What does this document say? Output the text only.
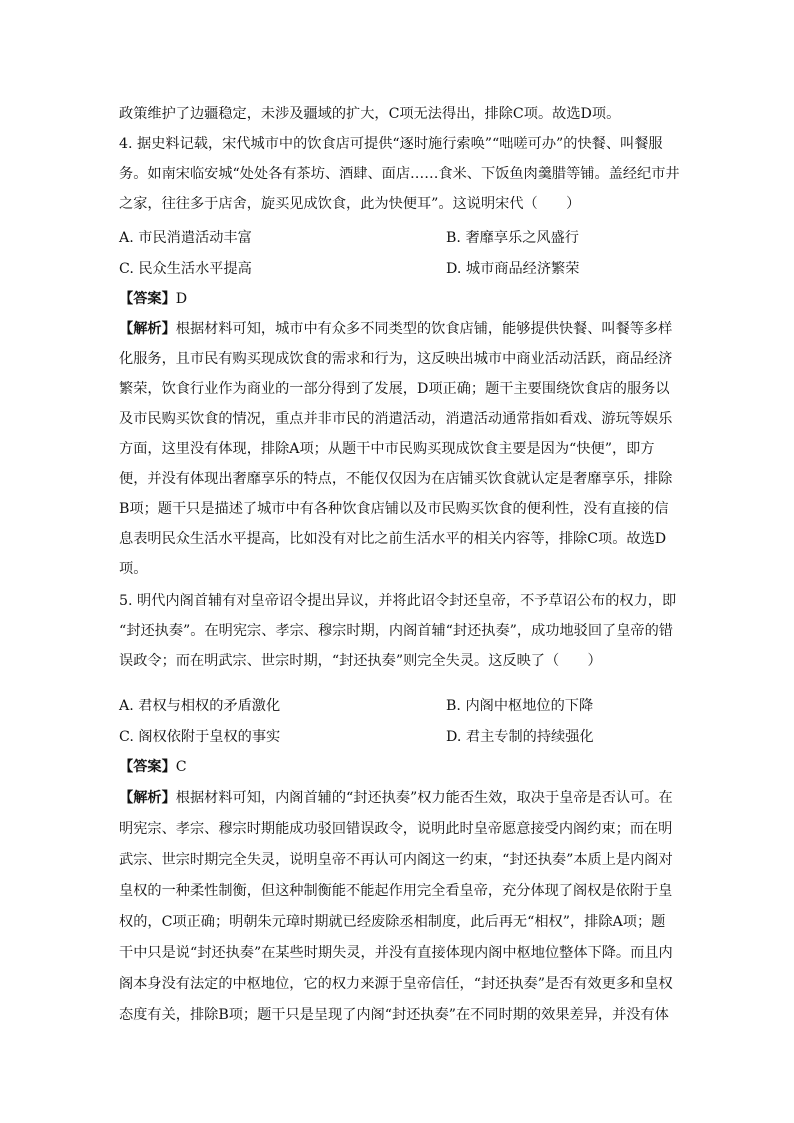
政策维护了边疆稳定，未涉及疆域的扩大，C项无法得出，排除C项。故选D项。
4. 据史料记载，宋代城市中的饮食店可提供“逐时施行索唤”“咄嗟可办”的快餐、叫餐服
务。如南宋临安城“处处各有茶坊、酒肆、面店……食米、下饭鱼肉羹腊等铺。盖经纪市井
之家，往往多于店舍，旋买见成饮食，此为快便耳”。这说明宋代（　　）
A. 市民消遣活动丰富	B. 奢靡享乐之风盛行
C. 民众生活水平提高	D. 城市商品经济繁荣
【答案】D
【解析】根据材料可知，城市中有众多不同类型的饮食店铺，能够提供快餐、叫餐等多样
化服务，且市民有购买现成饮食的需求和行为，这反映出城市中商业活动活跃，商品经济
繁荣，饮食行业作为商业的一部分得到了发展，D项正确；题干主要围绕饮食店的服务以
及市民购买饮食的情况，重点并非市民的消遣活动，消遣活动通常指如看戏、游玩等娱乐
方面，这里没有体现，排除A项；从题干中市民购买现成饮食主要是因为“快便”，即方
便，并没有体现出奢靡享乐的特点，不能仅仅因为在店铺买饮食就认定是奢靡享乐，排除
B项；题干只是描述了城市中有各种饮食店铺以及市民购买饮食的便利性，没有直接的信
息表明民众生活水平提高，比如没有对比之前生活水平的相关内容等，排除C项。故选D
项。
5. 明代内阁首辅有对皇帝诏令提出异议，并将此诏令封还皇帝，不予草诏公布的权力，即
“封还执奏”。在明宪宗、孝宗、穆宗时期，内阁首辅“封还执奏”，成功地驳回了皇帝的错
误政令；而在明武宗、世宗时期，“封还执奏”则完全失灵。这反映了（　　）
A. 君权与相权的矛盾激化	B. 内阁中枢地位的下降
C. 阁权依附于皇权的事实	D. 君主专制的持续强化
【答案】C
【解析】根据材料可知，内阁首辅的“封还执奏”权力能否生效，取决于皇帝是否认可。在
明宪宗、孝宗、穆宗时期能成功驳回错误政令，说明此时皇帝愿意接受内阁约束；而在明
武宗、世宗时期完全失灵，说明皇帝不再认可内阁这一约束，“封还执奏”本质上是内阁对
皇权的一种柔性制衡，但这种制衡能不能起作用完全看皇帝，充分体现了阁权是依附于皇
权的，C项正确；明朝朱元璋时期就已经废除丞相制度，此后再无“相权”，排除A项；题
干中只是说“封还执奏”在某些时期失灵，并没有直接体现内阁中枢地位整体下降。而且内
阁本身没有法定的中枢地位，它的权力来源于皇帝信任，“封还执奏”是否有效更多和皇权
态度有关，排除B项；题干只是呈现了内阁“封还执奏”在不同时期的效果差异，并没有体
